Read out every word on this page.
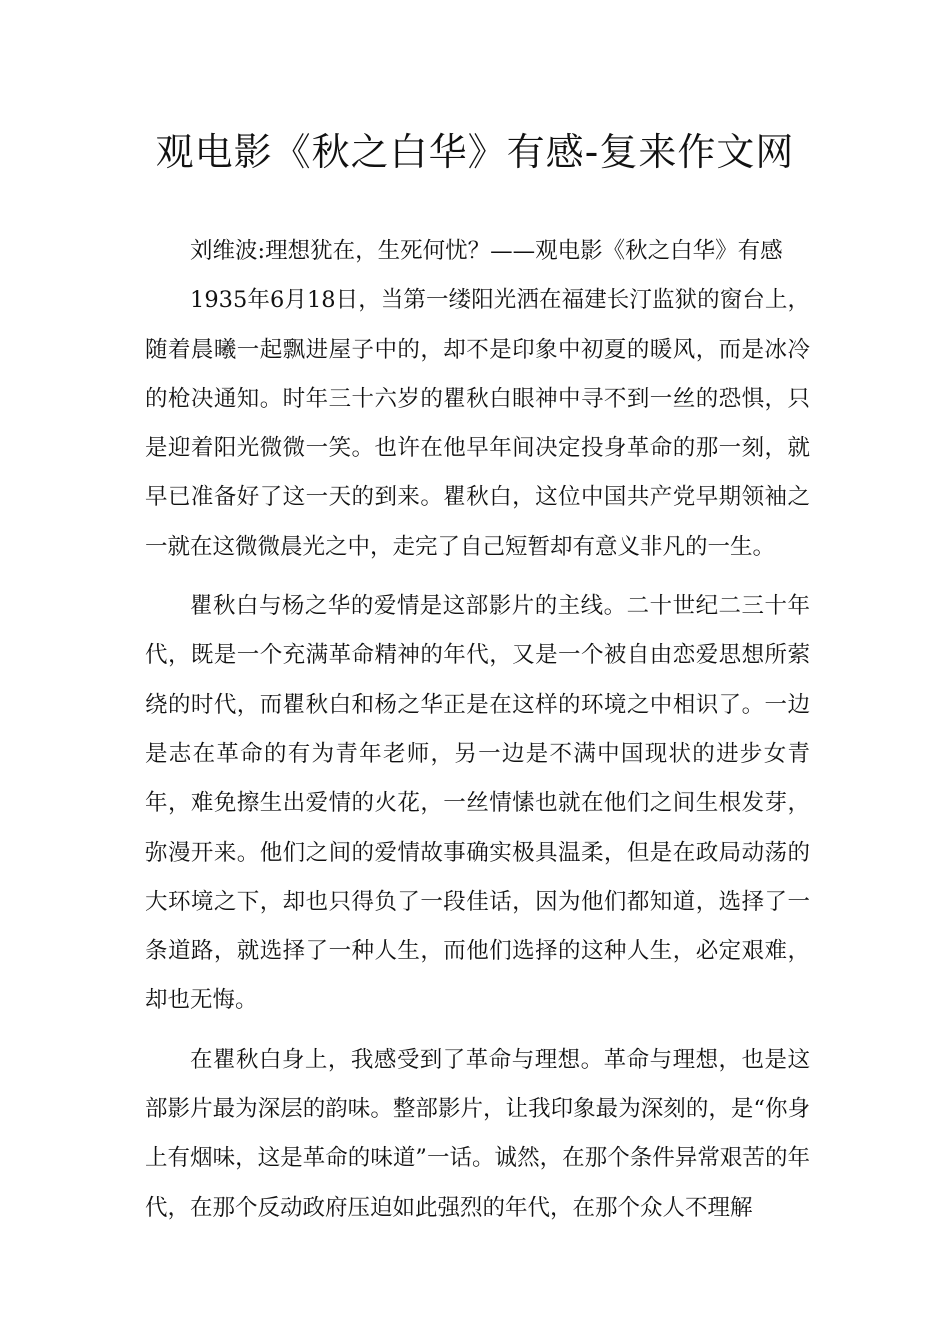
观电影《秋之白华》有感-复来作文网

刘维波:理想犹在，生死何忧？——观电影《秋之白华》有感

1935年6月18日，当第一缕阳光洒在福建长汀监狱的窗台上，随着晨曦一起飘进屋子中的，却不是印象中初夏的暖风，而是冰冷的枪决通知。时年三十六岁的瞿秋白眼神中寻不到一丝的恐惧，只是迎着阳光微微一笑。也许在他早年间决定投身革命的那一刻，就早已准备好了这一天的到来。瞿秋白，这位中国共产党早期领袖之一就在这微微晨光之中，走完了自己短暂却有意义非凡的一生。

瞿秋白与杨之华的爱情是这部影片的主线。二十世纪二三十年代，既是一个充满革命精神的年代，又是一个被自由恋爱思想所萦绕的时代，而瞿秋白和杨之华正是在这样的环境之中相识了。一边是志在革命的有为青年老师，另一边是不满中国现状的进步女青年，难免擦生出爱情的火花，一丝情愫也就在他们之间生根发芽，弥漫开来。他们之间的爱情故事确实极具温柔，但是在政局动荡的大环境之下，却也只得负了一段佳话，因为他们都知道，选择了一条道路，就选择了一种人生，而他们选择的这种人生，必定艰难，却也无悔。

在瞿秋白身上，我感受到了革命与理想。革命与理想，也是这部影片最为深层的韵味。整部影片，让我印象最为深刻的，是“你身上有烟味，这是革命的味道”一话。诚然，在那个条件异常艰苦的年代，在那个反动政府压迫如此强烈的年代，在那个众人不理解
